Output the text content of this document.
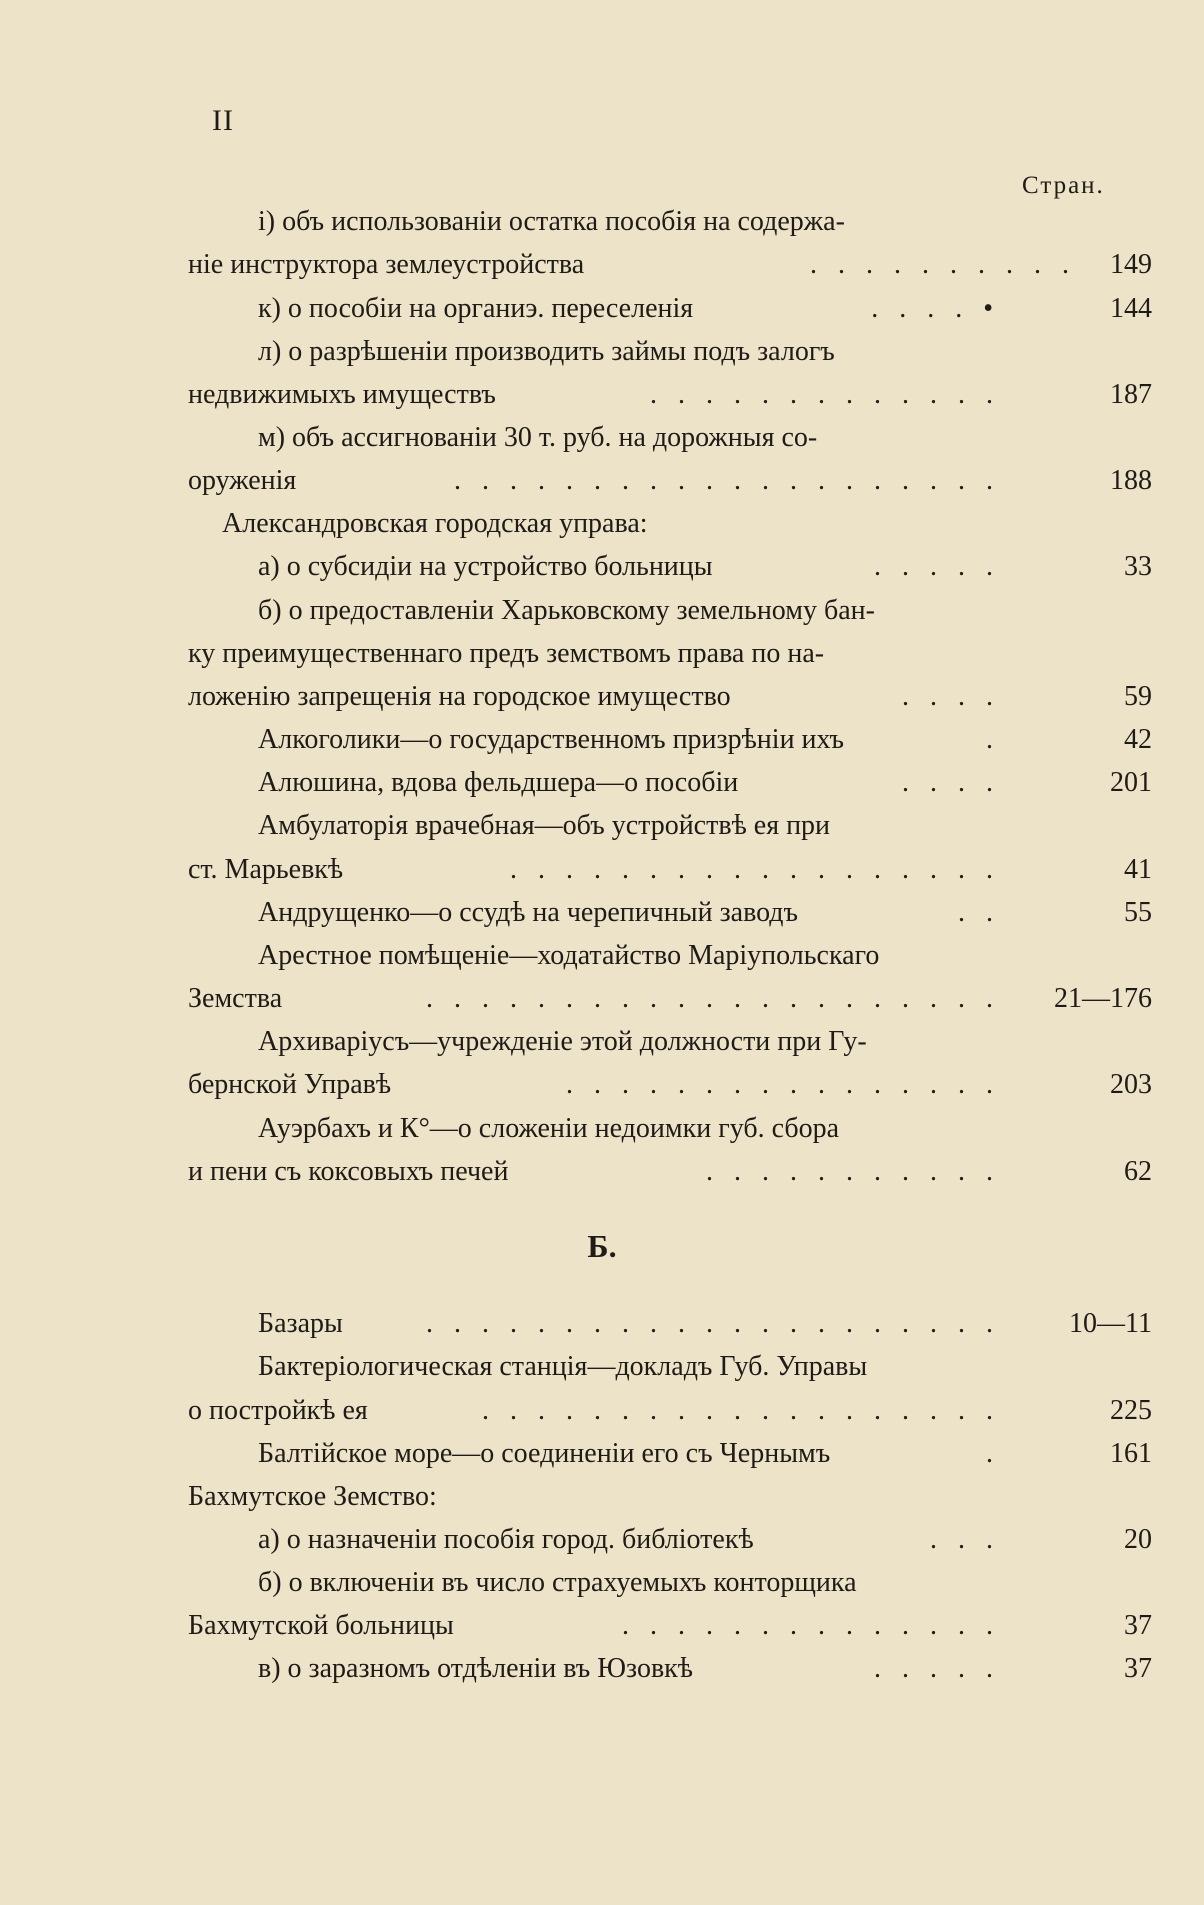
II
Стран.
і) объ использованіи остатка пособія на содержа-
ніе инструктора землеустройства	. . . . . . . . . . 149
к) о пособіи на органиэ. переселенія	. . . . •	144
л) о разрѣшеніи производить займы подъ залогъ
недвижимыхъ имуществъ	. . . . . . . . . . . . .	187
м) объ ассигнованіи 30 т. руб. на дорожныя со-
оруженія	. . . . . . . . . . . . . . . . . . . .	188
Александровская городская управа:
а) о субсидіи на устройство больницы	. . . . .	33
б) о предоставленіи Харьковскому земельному бан-
ку преимущественнаго предъ земствомъ права по на-
ложенію запрещенія на городское имущество	. . . .	59
Алкоголики—о государственномъ призрѣніи ихъ	.	42
Алюшина, вдова фельдшера—о пособіи	. . . .	201
Амбулаторія врачебная—объ устройствѣ ея при
ст. Марьевкѣ	. . . . . . . . . . . . . . . . . .	41
Андрущенко—о ссудѣ на черепичный заводъ	. .	55
Арестное помѣщеніе—ходатайство Маріупольскаго
Земства	. . . . . . . . . . . . . . . . . . . . . 21—176
Архиваріусъ—учрежденіе этой должности при Гу-
бернской Управѣ	. . . . . . . . . . . . . . . .	203
Ауэрбахъ и К°—о сложеніи недоимки губ. сбора
и пени съ коксовыхъ печей	. . . . . . . . . . .	62
Б.
Базары	. . . . . . . . . . . . . . . . . . . . . 10—11
Бактеріологическая станція—докладъ Губ. Управы
о постройкѣ ея	. . . . . . . . . . . . . . . . . . .	225
Балтійское море—о соединеніи его съ Чернымъ	.	161
Бахмутское Земство:
а) о назначеніи пособія город. библіотекѣ	. . .	20
б) о включеніи въ число страхуемыхъ конторщика
Бахмутской больницы	. . . . . . . . . . . . . .	37
в) о заразномъ отдѣленіи въ Юзовкѣ	. . . . .	37
